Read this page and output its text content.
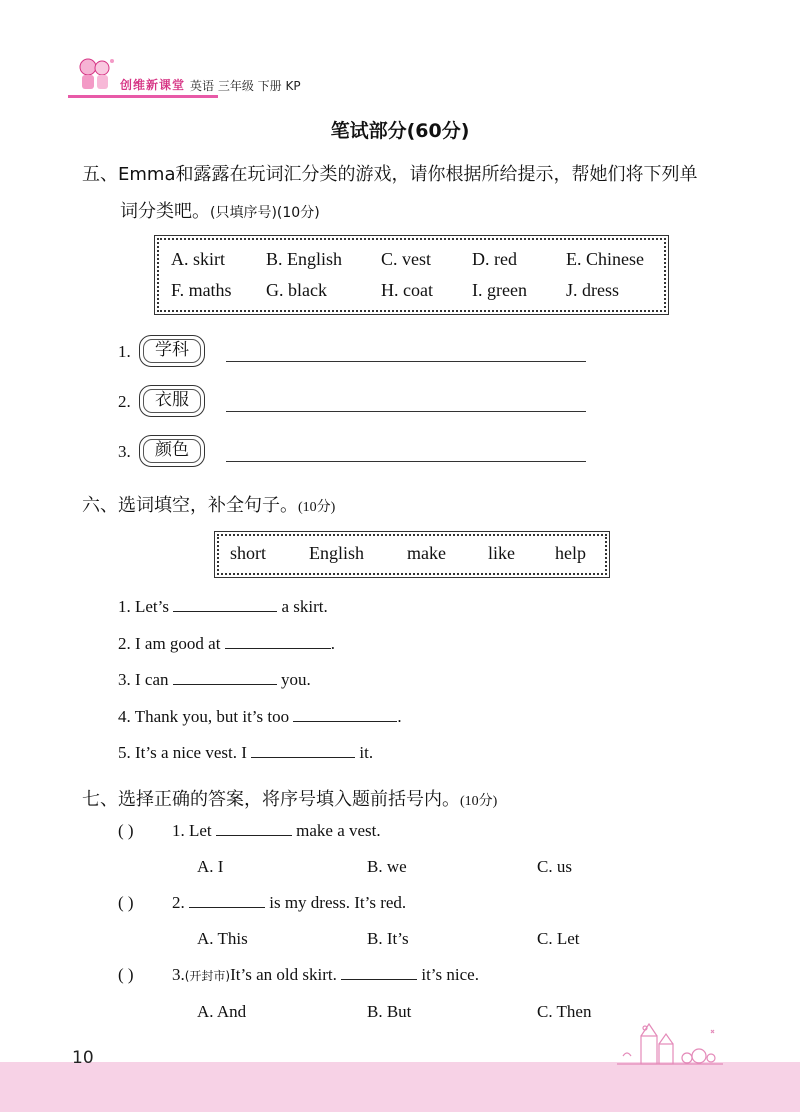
创维新课堂 英语 三年级 下册 KP
笔试部分(60分)
五、Emma和露露在玩词汇分类的游戏，请你根据所给提示，帮她们将下列单
词分类吧。(只填序号)(10分)
A. skirt B. English C. vest D. red	E. Chinese
F. maths G. black	H. coat I. green J. dress
1.	学科
2.	衣服
3.	颜色
六、选词填空，补全句子。(10分)
short English make like help
1. Let’s	a skirt.
2. I am good at	.
3. I can	you.
4. Thank you, but it’s too	.
5. It’s a nice vest. I	it.
七、选择正确的答案，将序号填入题前括号内。(10分)
( ) 1. Let	make a vest.
A. I	B. we	C. us
( ) 2.	is my dress. It’s red.
A. This	B. It’s	C. Let
( ) 3.(开封市)It’s an old skirt.	it’s nice.
A. And	B. But	C. Then
10
